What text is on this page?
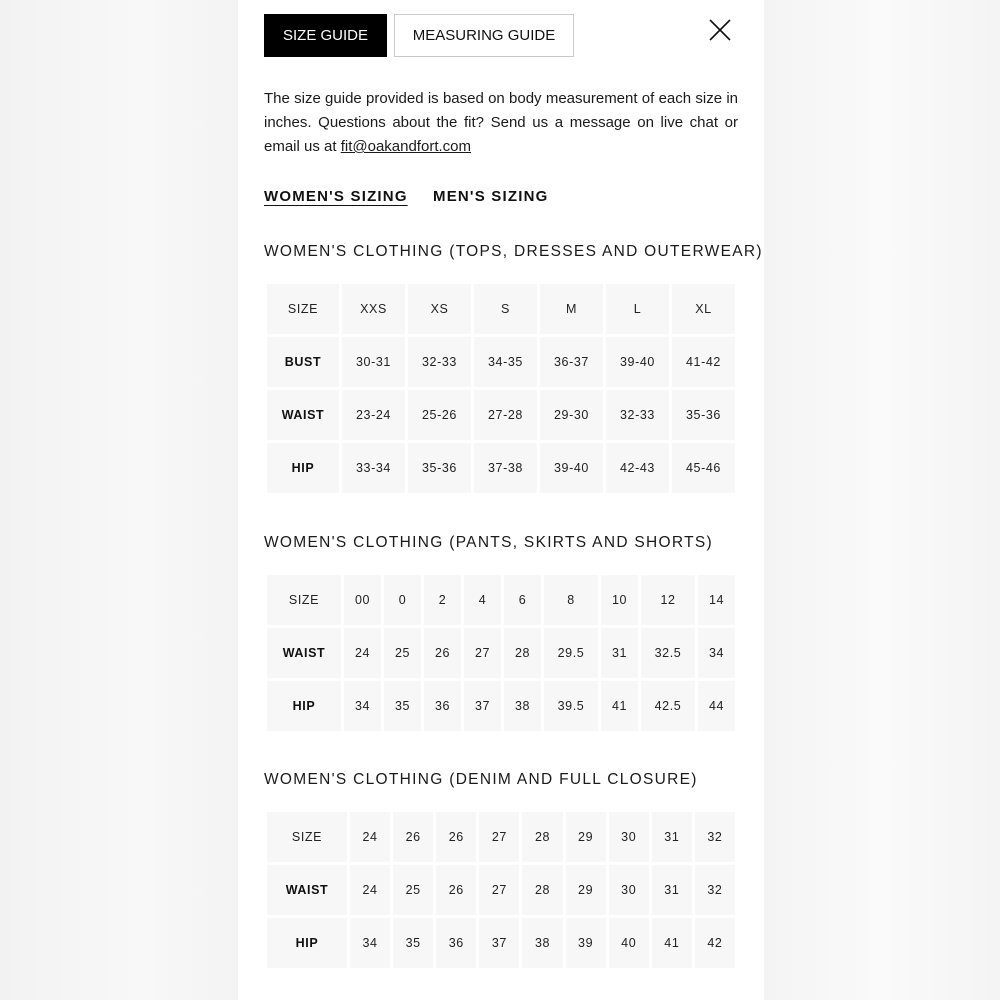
SIZE GUIDE	MEASURING GUIDE

The size guide provided is based on body measurement of each size in inches. Questions about the fit? Send us a message on live chat or email us at fit@oakandfort.com

WOMEN'S SIZING MEN'S SIZING
WOMEN'S CLOTHING (TOPS, DRESSES AND OUTERWEAR)
SIZE	XXS	XS	S	M	L	XL
BUST	30-31	32-33	34-35	36-37	39-40	41-42
WAIST	23-24	25-26	27-28	29-30	32-33	35-36
HIP	33-34	35-36	37-38	39-40	42-43	45-46
WOMEN'S CLOTHING (PANTS, SKIRTS AND SHORTS)
SIZE	00	0	2	4	6	8	10	12	14
WAIST	24	25	26	27	28	29.5	31	32.5	34
HIP	34	35	36	37	38	39.5	41	42.5	44
WOMEN'S CLOTHING (DENIM AND FULL CLOSURE)
SIZE	24	26	26	27	28	29	30	31	32
WAIST	24	25	26	27	28	29	30	31	32
HIP	34	35	36	37	38	39	40	41	42
